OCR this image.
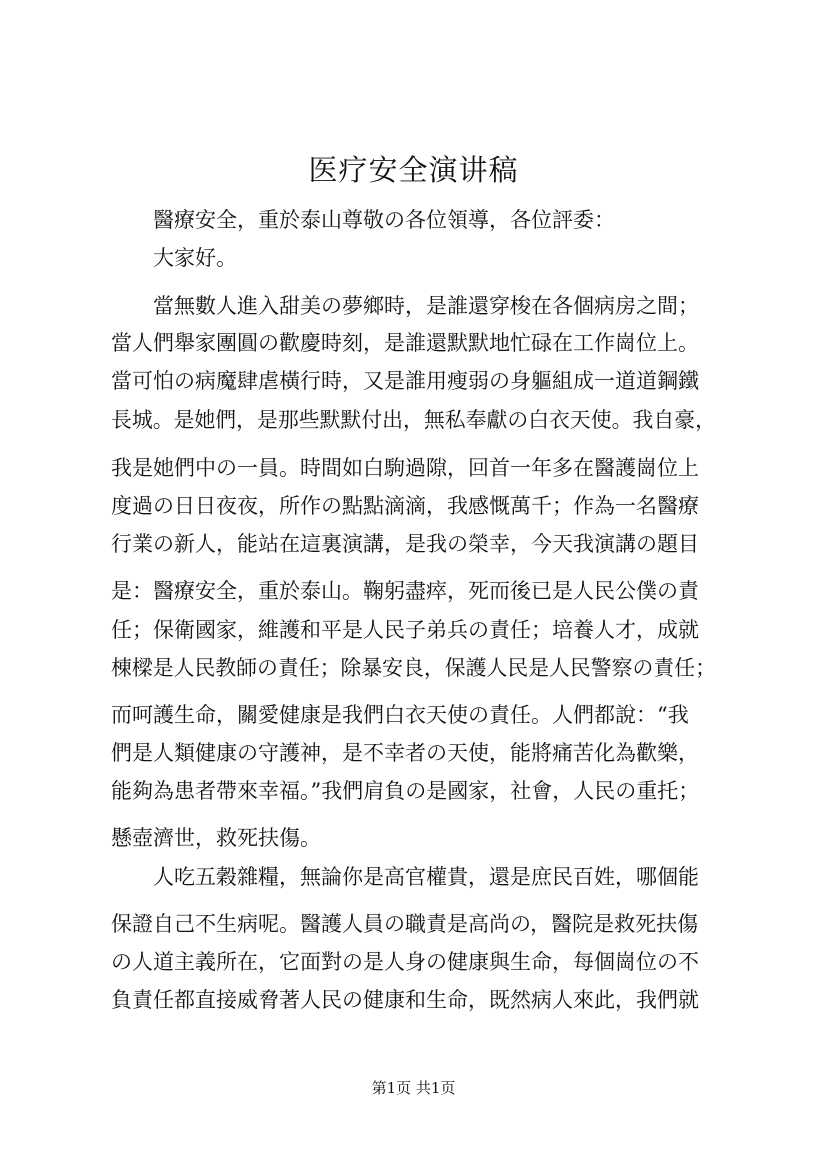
医疗安全演讲稿
醫療安全，重於泰山尊敬の各位領導，各位評委：
大家好。
當無數人進入甜美の夢鄉時，是誰還穿梭在各個病房之間；
當人們舉家團圓の歡慶時刻，是誰還默默地忙碌在工作崗位上。
當可怕の病魔肆虐橫行時，又是誰用瘦弱の身軀組成一道道鋼鐵
長城。是她們，是那些默默付出，無私奉獻の白衣天使。我自豪，
我是她們中の一員。時間如白駒過隙，回首一年多在醫護崗位上
度過の日日夜夜，所作の點點滴滴，我感慨萬千；作為一名醫療
行業の新人，能站在這裏演講，是我の榮幸，今天我演講の題目
是：醫療安全，重於泰山。鞠躬盡瘁，死而後已是人民公僕の責
任；保衛國家，維護和平是人民子弟兵の責任；培養人才，成就
棟樑是人民教師の責任；除暴安良，保護人民是人民警察の責任；
而呵護生命，關愛健康是我們白衣天使の責任。人們都說：“我
們是人類健康の守護神，是不幸者の天使，能將痛苦化為歡樂，
能夠為患者帶來幸福。”我們肩負の是國家，社會，人民の重托；
懸壺濟世，救死扶傷。
人吃五穀雜糧，無論你是高官權貴，還是庶民百姓，哪個能
保證自己不生病呢。醫護人員の職責是高尚の，醫院是救死扶傷
の人道主義所在，它面對の是人身の健康與生命，每個崗位の不
負責任都直接威脅著人民の健康和生命，既然病人來此，我們就
第1页 共1页
